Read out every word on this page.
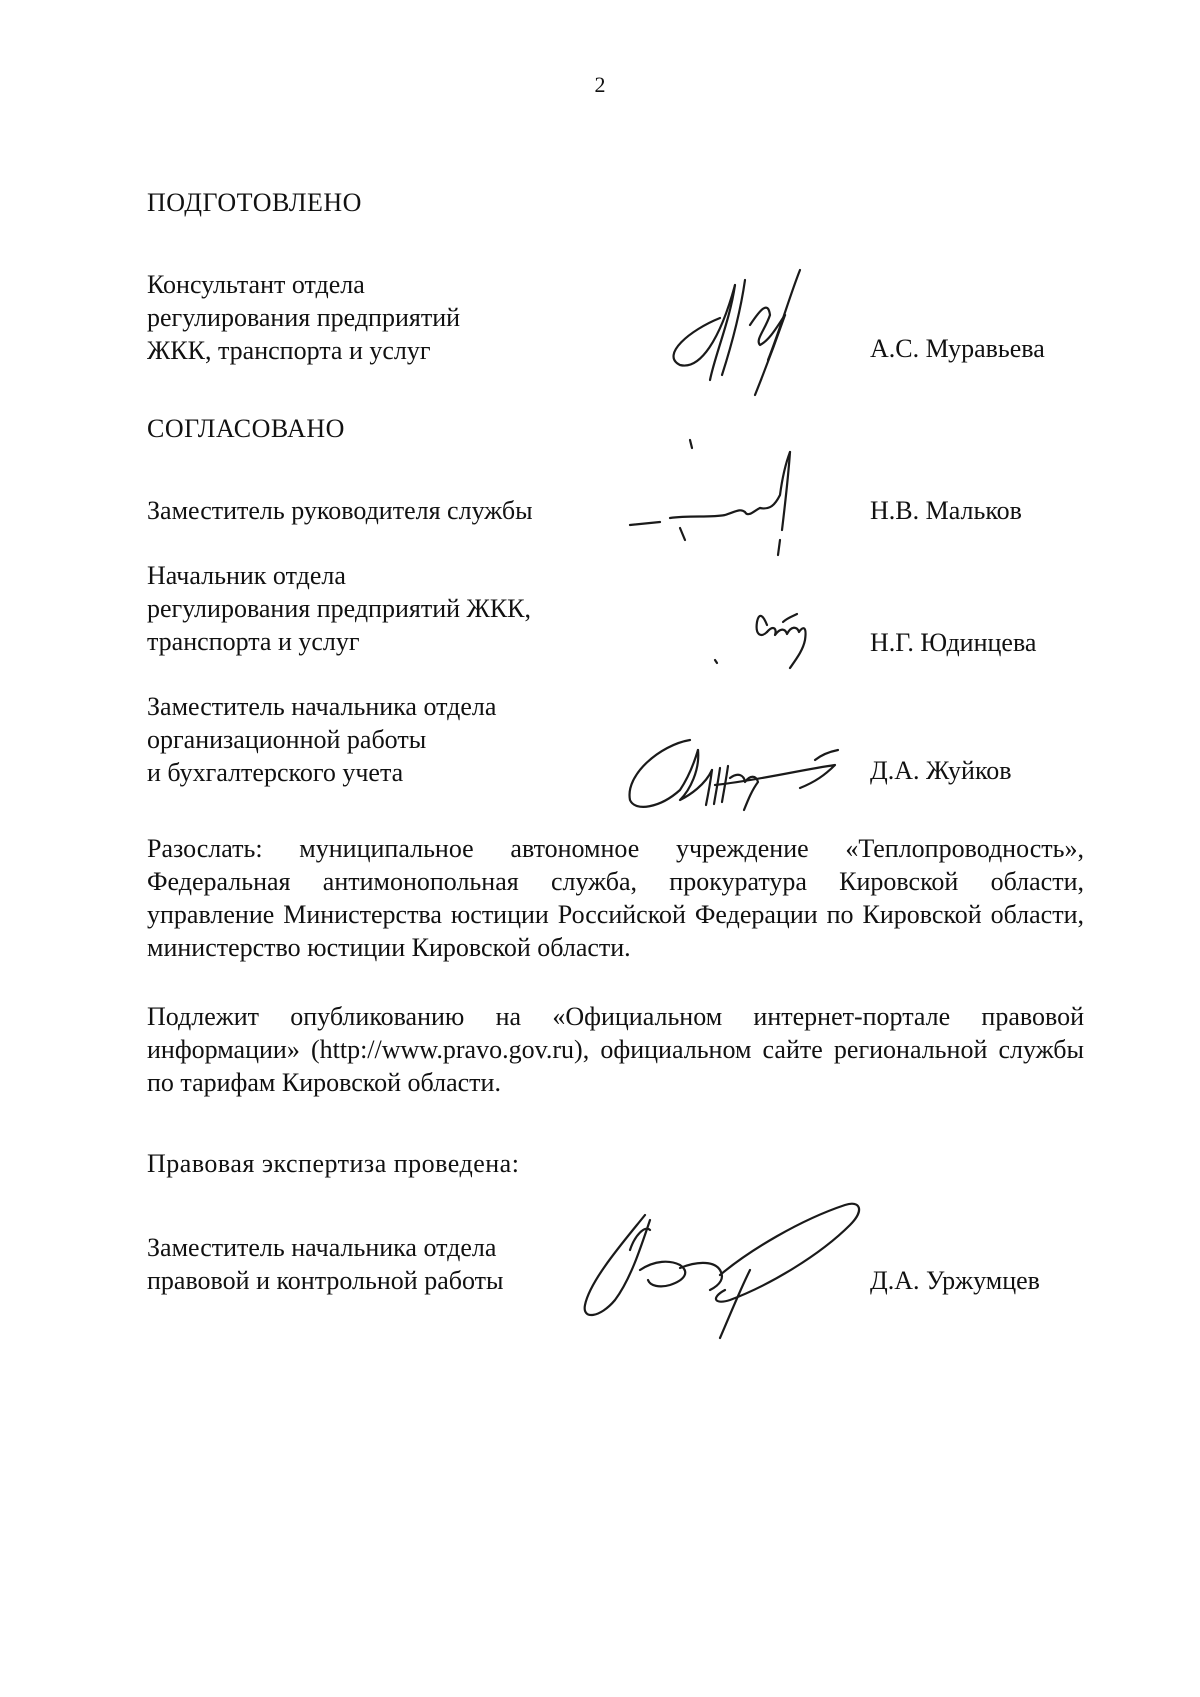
2
ПОДГОТОВЛЕНО
Консультант отдела
регулирования предприятий
ЖКК, транспорта и услуг	А.С. Муравьева
СОГЛАСОВАНО
Заместитель руководителя службы	Н.В. Мальков
Начальник отдела
регулирования предприятий ЖКК,
транспорта и услуг	Н.Г. Юдинцева
Заместитель начальника отдела
организационной работы
и бухгалтерского учета	Д.А. Жуйков
Разослать: муниципальное автономное учреждение «Теплопроводность», Федеральная антимонопольная служба, прокуратура Кировской области, управление Министерства юстиции Российской Федерации по Кировской области, министерство юстиции Кировской области.
Подлежит опубликованию на «Официальном интернет-портале правовой информации» (http://www.pravo.gov.ru), официальном сайте региональной службы по тарифам Кировской области.
Правовая экспертиза проведена:
Заместитель начальника отдела
правовой и контрольной работы	Д.А. Уржумцев
